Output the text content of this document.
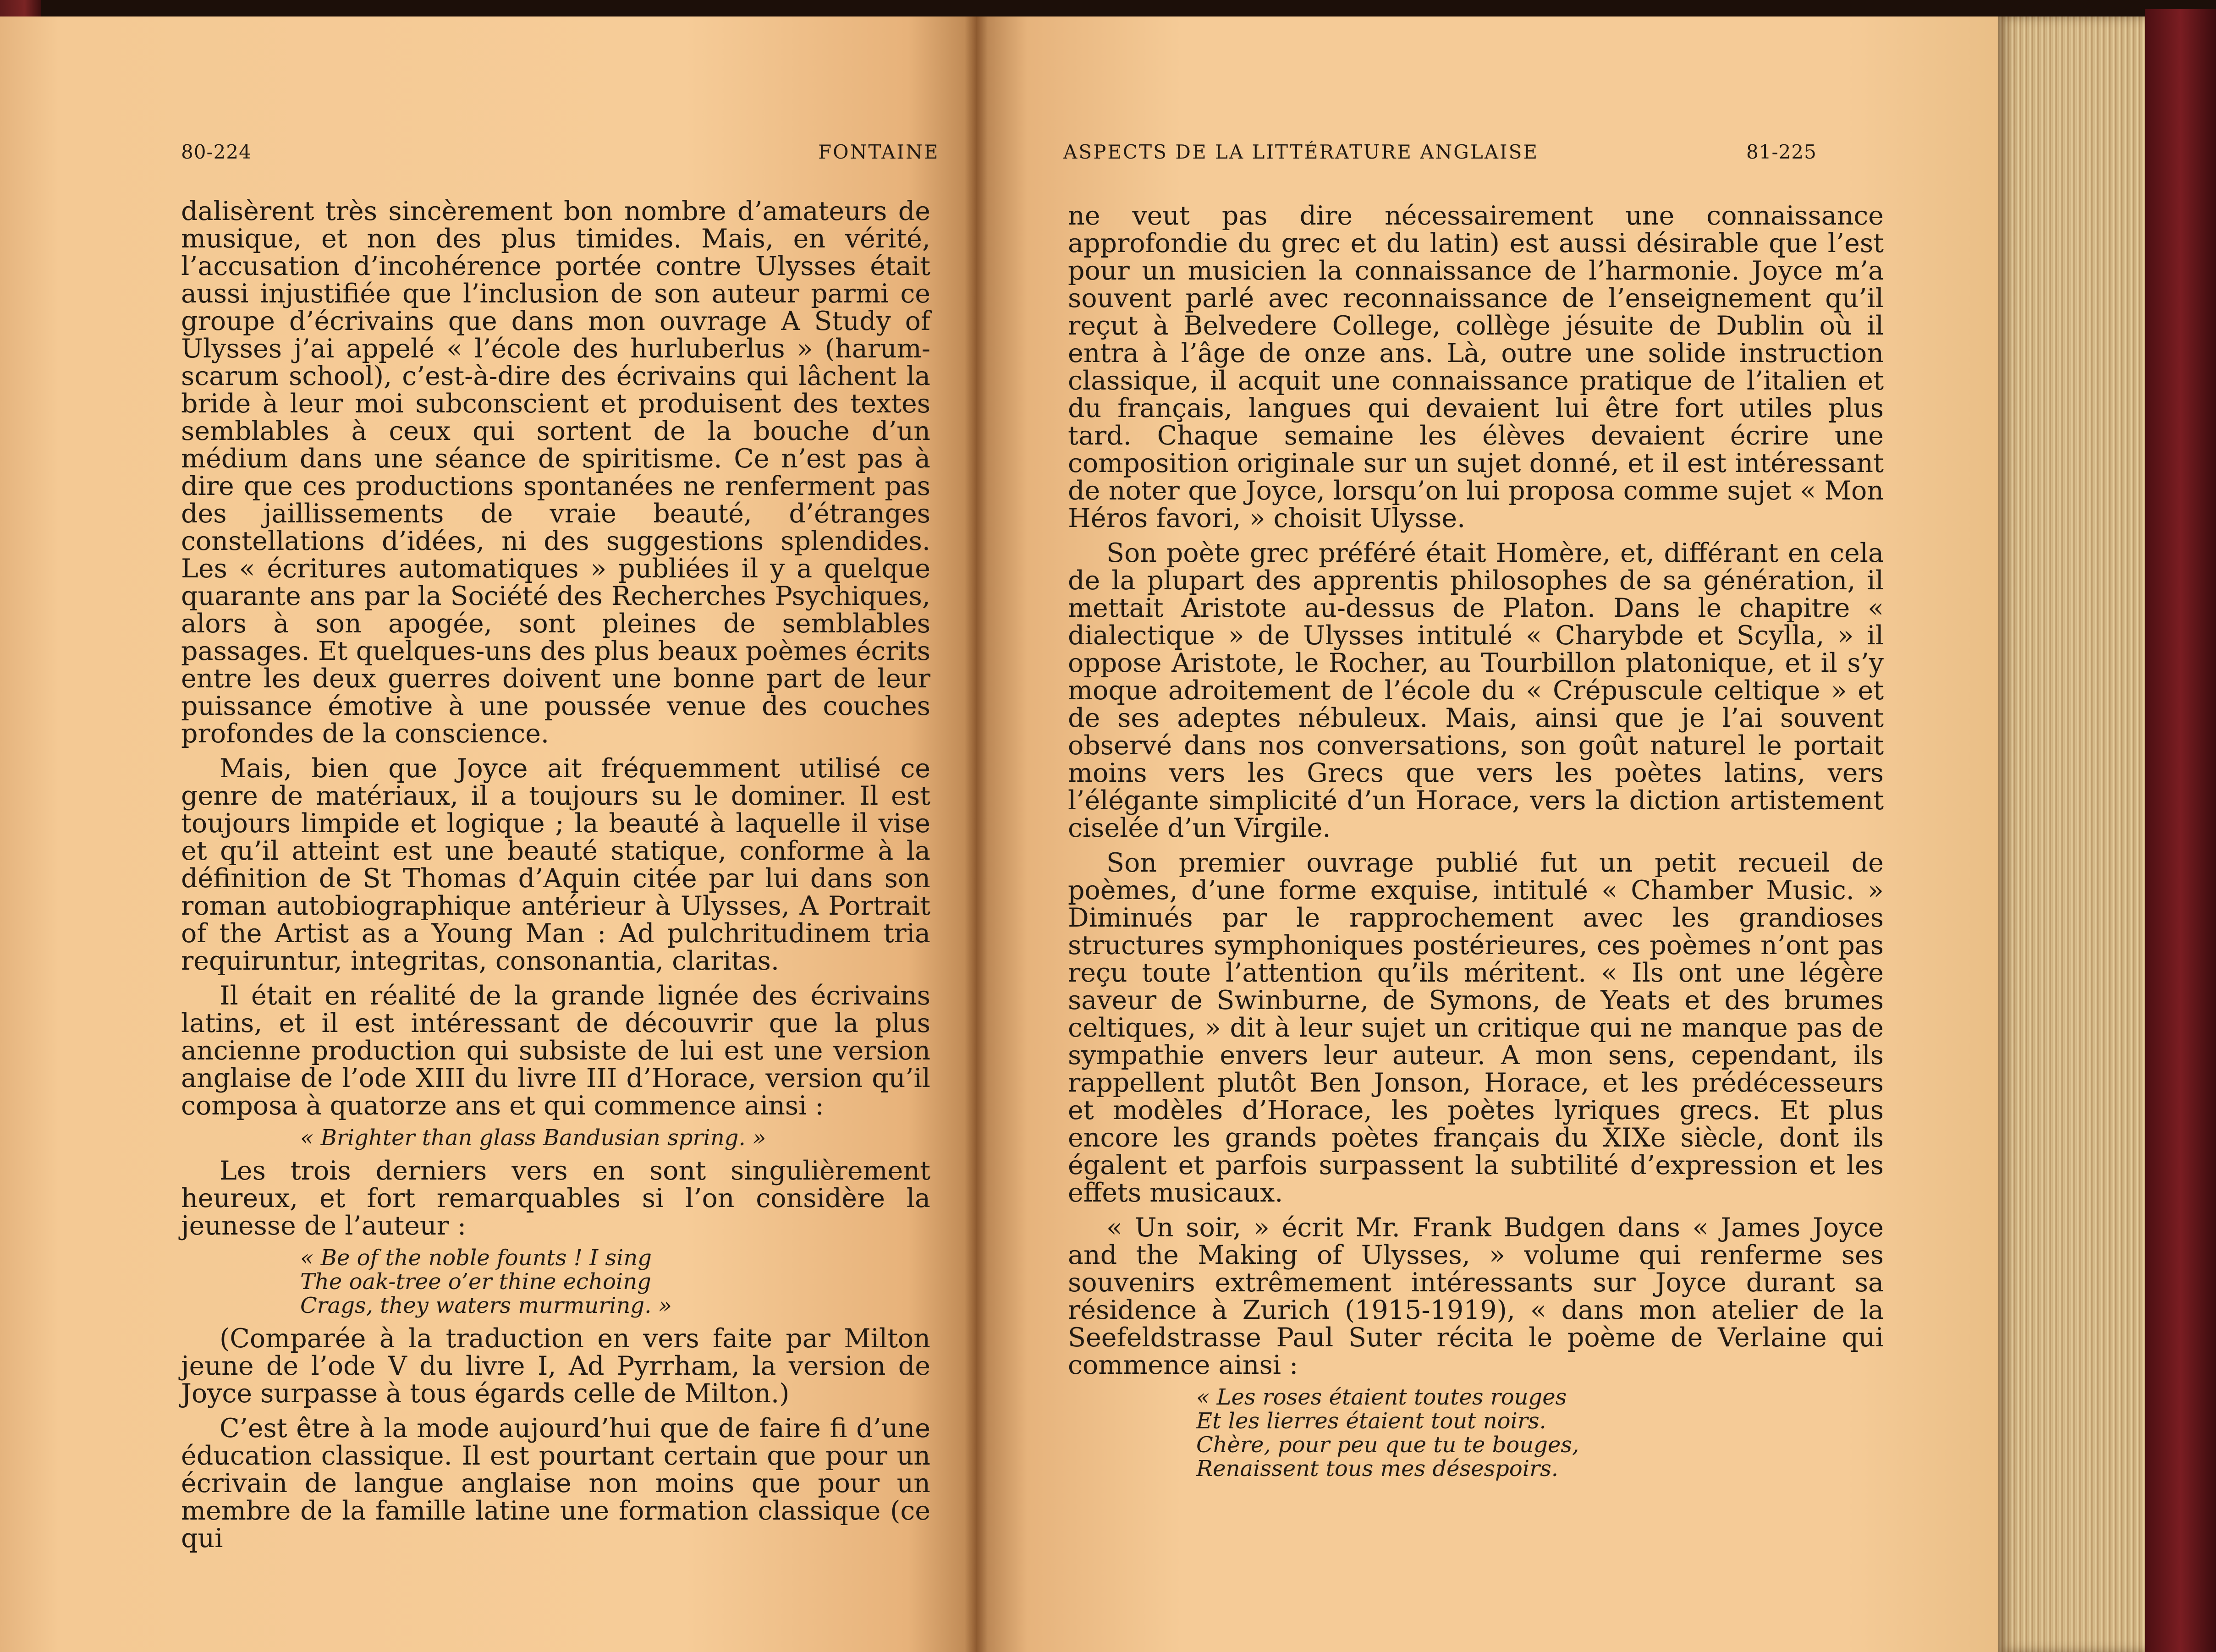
80-224	FONTAINE

dalisèrent très sincèrement bon nombre d’amateurs de musique, et non des plus timides. Mais, en vérité, l’accusation d’incohérence portée contre Ulysses était aussi injustifiée que l’inclusion de son auteur parmi ce groupe d’écrivains que dans mon ouvrage A Study of Ulysses j’ai appelé « l’école des hurluberlus » (harum-scarum school), c’est-à-dire des écrivains qui lâchent la bride à leur moi subconscient et produisent des textes semblables à ceux qui sortent de la bouche d’un médium dans une séance de spiritisme. Ce n’est pas à dire que ces productions spontanées ne renferment pas des jaillissements de vraie beauté, d’étranges constellations d’idées, ni des suggestions splendides. Les « écritures automatiques » publiées il y a quelque quarante ans par la Société des Recherches Psychiques, alors à son apogée, sont pleines de semblables passages. Et quelques-uns des plus beaux poèmes écrits entre les deux guerres doivent une bonne part de leur puissance émotive à une poussée venue des couches profondes de la conscience.

Mais, bien que Joyce ait fréquemment utilisé ce genre de matériaux, il a toujours su le dominer. Il est toujours limpide et logique ; la beauté à laquelle il vise et qu’il atteint est une beauté statique, conforme à la définition de St Thomas d’Aquin citée par lui dans son roman autobiographique antérieur à Ulysses, A Portrait of the Artist as a Young Man : Ad pulchritudinem tria requiruntur, integritas, consonantia, claritas.

Il était en réalité de la grande lignée des écrivains latins, et il est intéressant de découvrir que la plus ancienne production qui subsiste de lui est une version anglaise de l’ode XIII du livre III d’Horace, version qu’il composa à quatorze ans et qui commence ainsi :

« Brighter than glass Bandusian spring. »

Les trois derniers vers en sont singulièrement heureux, et fort remarquables si l’on considère la jeunesse de l’auteur :

« Be of the noble founts ! I sing
The oak-tree o’er thine echoing
Crags, they waters murmuring. »

(Comparée à la traduction en vers faite par Milton jeune de l’ode V du livre I, Ad Pyrrham, la version de Joyce surpasse à tous égards celle de Milton.)

C’est être à la mode aujourd’hui que de faire fi d’une éducation classique. Il est pourtant certain que pour un écrivain de langue anglaise non moins que pour un membre de la famille latine une formation classique (ce qui

ASPECTS DE LA LITTÉRATURE ANGLAISE	81-225

ne veut pas dire nécessairement une connaissance approfondie du grec et du latin) est aussi désirable que l’est pour un musicien la connaissance de l’harmonie. Joyce m’a souvent parlé avec reconnaissance de l’enseignement qu’il reçut à Belvedere College, collège jésuite de Dublin où il entra à l’âge de onze ans. Là, outre une solide instruction classique, il acquit une connaissance pratique de l’italien et du français, langues qui devaient lui être fort utiles plus tard. Chaque semaine les élèves devaient écrire une composition originale sur un sujet donné, et il est intéressant de noter que Joyce, lorsqu’on lui proposa comme sujet « Mon Héros favori, » choisit Ulysse.

Son poète grec préféré était Homère, et, différant en cela de la plupart des apprentis philosophes de sa génération, il mettait Aristote au-dessus de Platon. Dans le chapitre « dialectique » de Ulysses intitulé « Charybde et Scylla, » il oppose Aristote, le Rocher, au Tourbillon platonique, et il s’y moque adroitement de l’école du « Crépuscule celtique » et de ses adeptes nébuleux. Mais, ainsi que je l’ai souvent observé dans nos conversations, son goût naturel le portait moins vers les Grecs que vers les poètes latins, vers l’élégante simplicité d’un Horace, vers la diction artistement ciselée d’un Virgile.

Son premier ouvrage publié fut un petit recueil de poèmes, d’une forme exquise, intitulé « Chamber Music. » Diminués par le rapprochement avec les grandioses structures symphoniques postérieures, ces poèmes n’ont pas reçu toute l’attention qu’ils méritent. « Ils ont une légère saveur de Swinburne, de Symons, de Yeats et des brumes celtiques, » dit à leur sujet un critique qui ne manque pas de sympathie envers leur auteur. A mon sens, cependant, ils rappellent plutôt Ben Jonson, Horace, et les prédécesseurs et modèles d’Horace, les poètes lyriques grecs. Et plus encore les grands poètes français du XIXe siècle, dont ils égalent et parfois surpassent la subtilité d’expression et les effets musicaux.

« Un soir, » écrit Mr. Frank Budgen dans « James Joyce and the Making of Ulysses, » volume qui renferme ses souvenirs extrêmement intéressants sur Joyce durant sa résidence à Zurich (1915-1919), « dans mon atelier de la Seefeldstrasse Paul Suter récita le poème de Verlaine qui commence ainsi :

« Les roses étaient toutes rouges
Et les lierres étaient tout noirs.
Chère, pour peu que tu te bouges,
Renaissent tous mes désespoirs.
